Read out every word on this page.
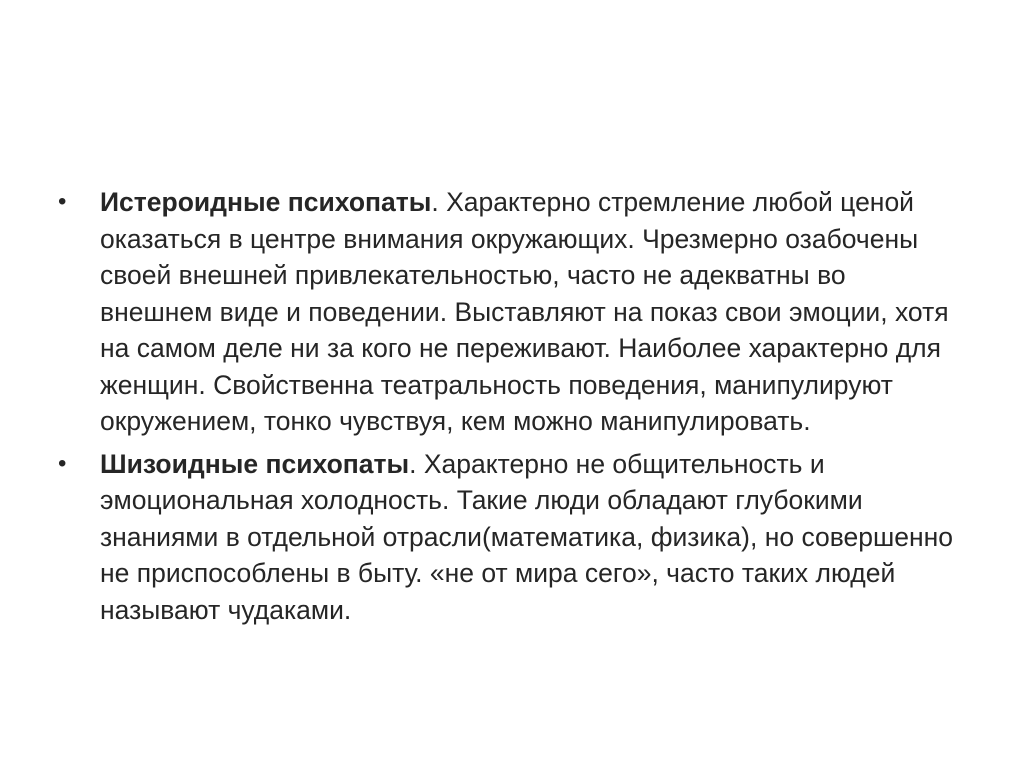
• Истероидные психопаты. Характерно стремление любой ценой оказаться в центре внимания окружающих. Чрезмерно озабочены своей внешней привлекательностью, часто не адекватны во внешнем виде и поведении. Выставляют на показ свои эмоции, хотя на самом деле ни за кого не переживают. Наиболее характерно для женщин. Свойственна театральность поведения, манипулируют окружением, тонко чувствуя, кем можно манипулировать.
• Шизоидные психопаты. Характерно не общительность и эмоциональная холодность. Такие люди обладают глубокими знаниями в отдельной отрасли(математика, физика), но совершенно не приспособлены в быту. «не от мира сего», часто таких людей называют чудаками.
